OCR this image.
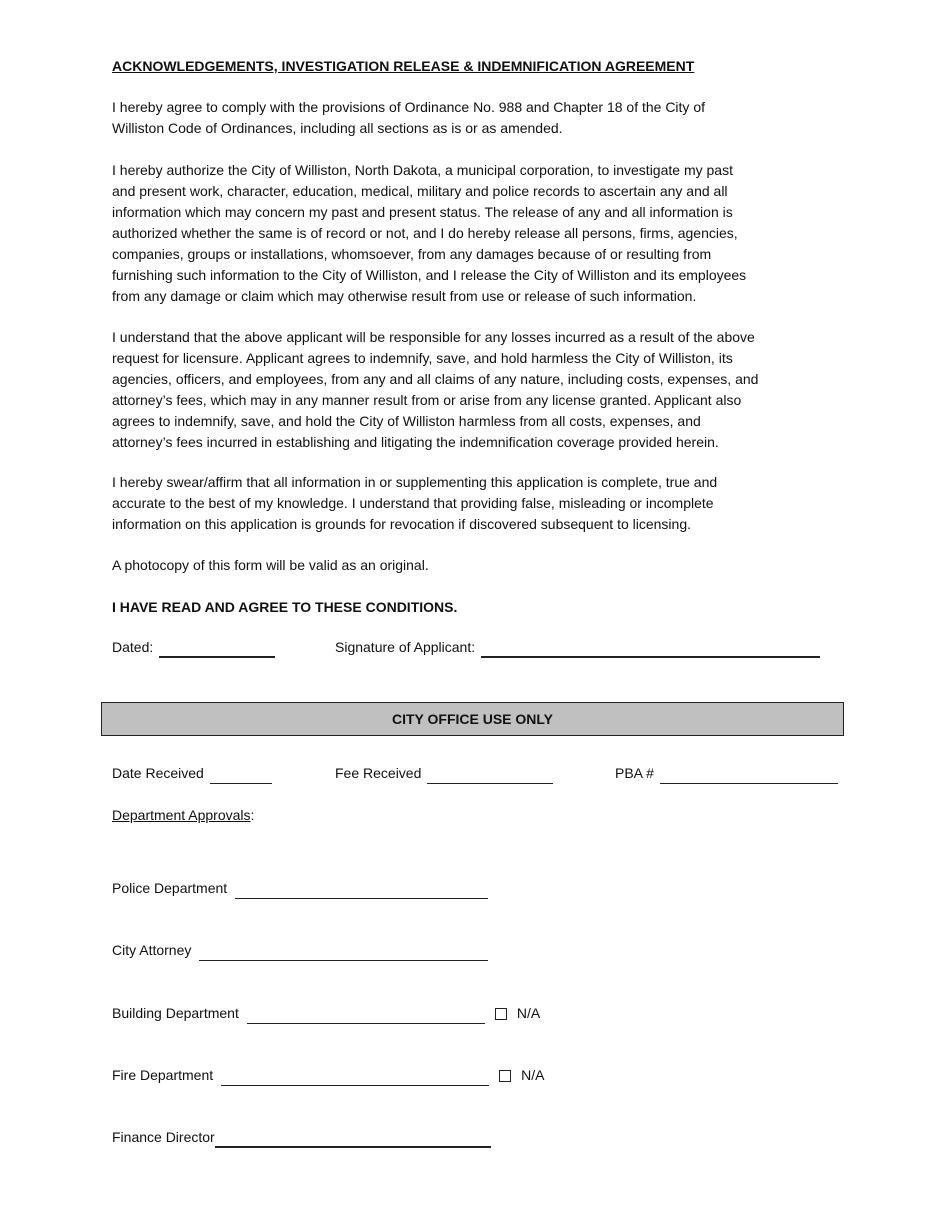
ACKNOWLEDGEMENTS, INVESTIGATION RELEASE & INDEMNIFICATION AGREEMENT
I hereby agree to comply with the provisions of Ordinance No. 988 and Chapter 18 of the City of
Williston Code of Ordinances, including all sections as is or as amended.
I hereby authorize the City of Williston, North Dakota, a municipal corporation, to investigate my past
and present work, character, education, medical, military and police records to ascertain any and all
information which may concern my past and present status. The release of any and all information is
authorized whether the same is of record or not, and I do hereby release all persons, firms, agencies,
companies, groups or installations, whomsoever, from any damages because of or resulting from
furnishing such information to the City of Williston, and I release the City of Williston and its employees
from any damage or claim which may otherwise result from use or release of such information.
I understand that the above applicant will be responsible for any losses incurred as a result of the above
request for licensure. Applicant agrees to indemnify, save, and hold harmless the City of Williston, its
agencies, officers, and employees, from any and all claims of any nature, including costs, expenses, and
attorney’s fees, which may in any manner result from or arise from any license granted. Applicant also
agrees to indemnify, save, and hold the City of Williston harmless from all costs, expenses, and
attorney’s fees incurred in establishing and litigating the indemnification coverage provided herein.
I hereby swear/affirm that all information in or supplementing this application is complete, true and
accurate to the best of my knowledge. I understand that providing false, misleading or incomplete
information on this application is grounds for revocation if discovered subsequent to licensing.
A photocopy of this form will be valid as an original.
I HAVE READ AND AGREE TO THESE CONDITIONS.
Dated:	Signature of Applicant:
CITY OFFICE USE ONLY
Date Received	Fee Received	PBA #
Department Approvals :
Police Department
City Attorney
Building Department	N/A
Fire Department	N/A
Finance Director
